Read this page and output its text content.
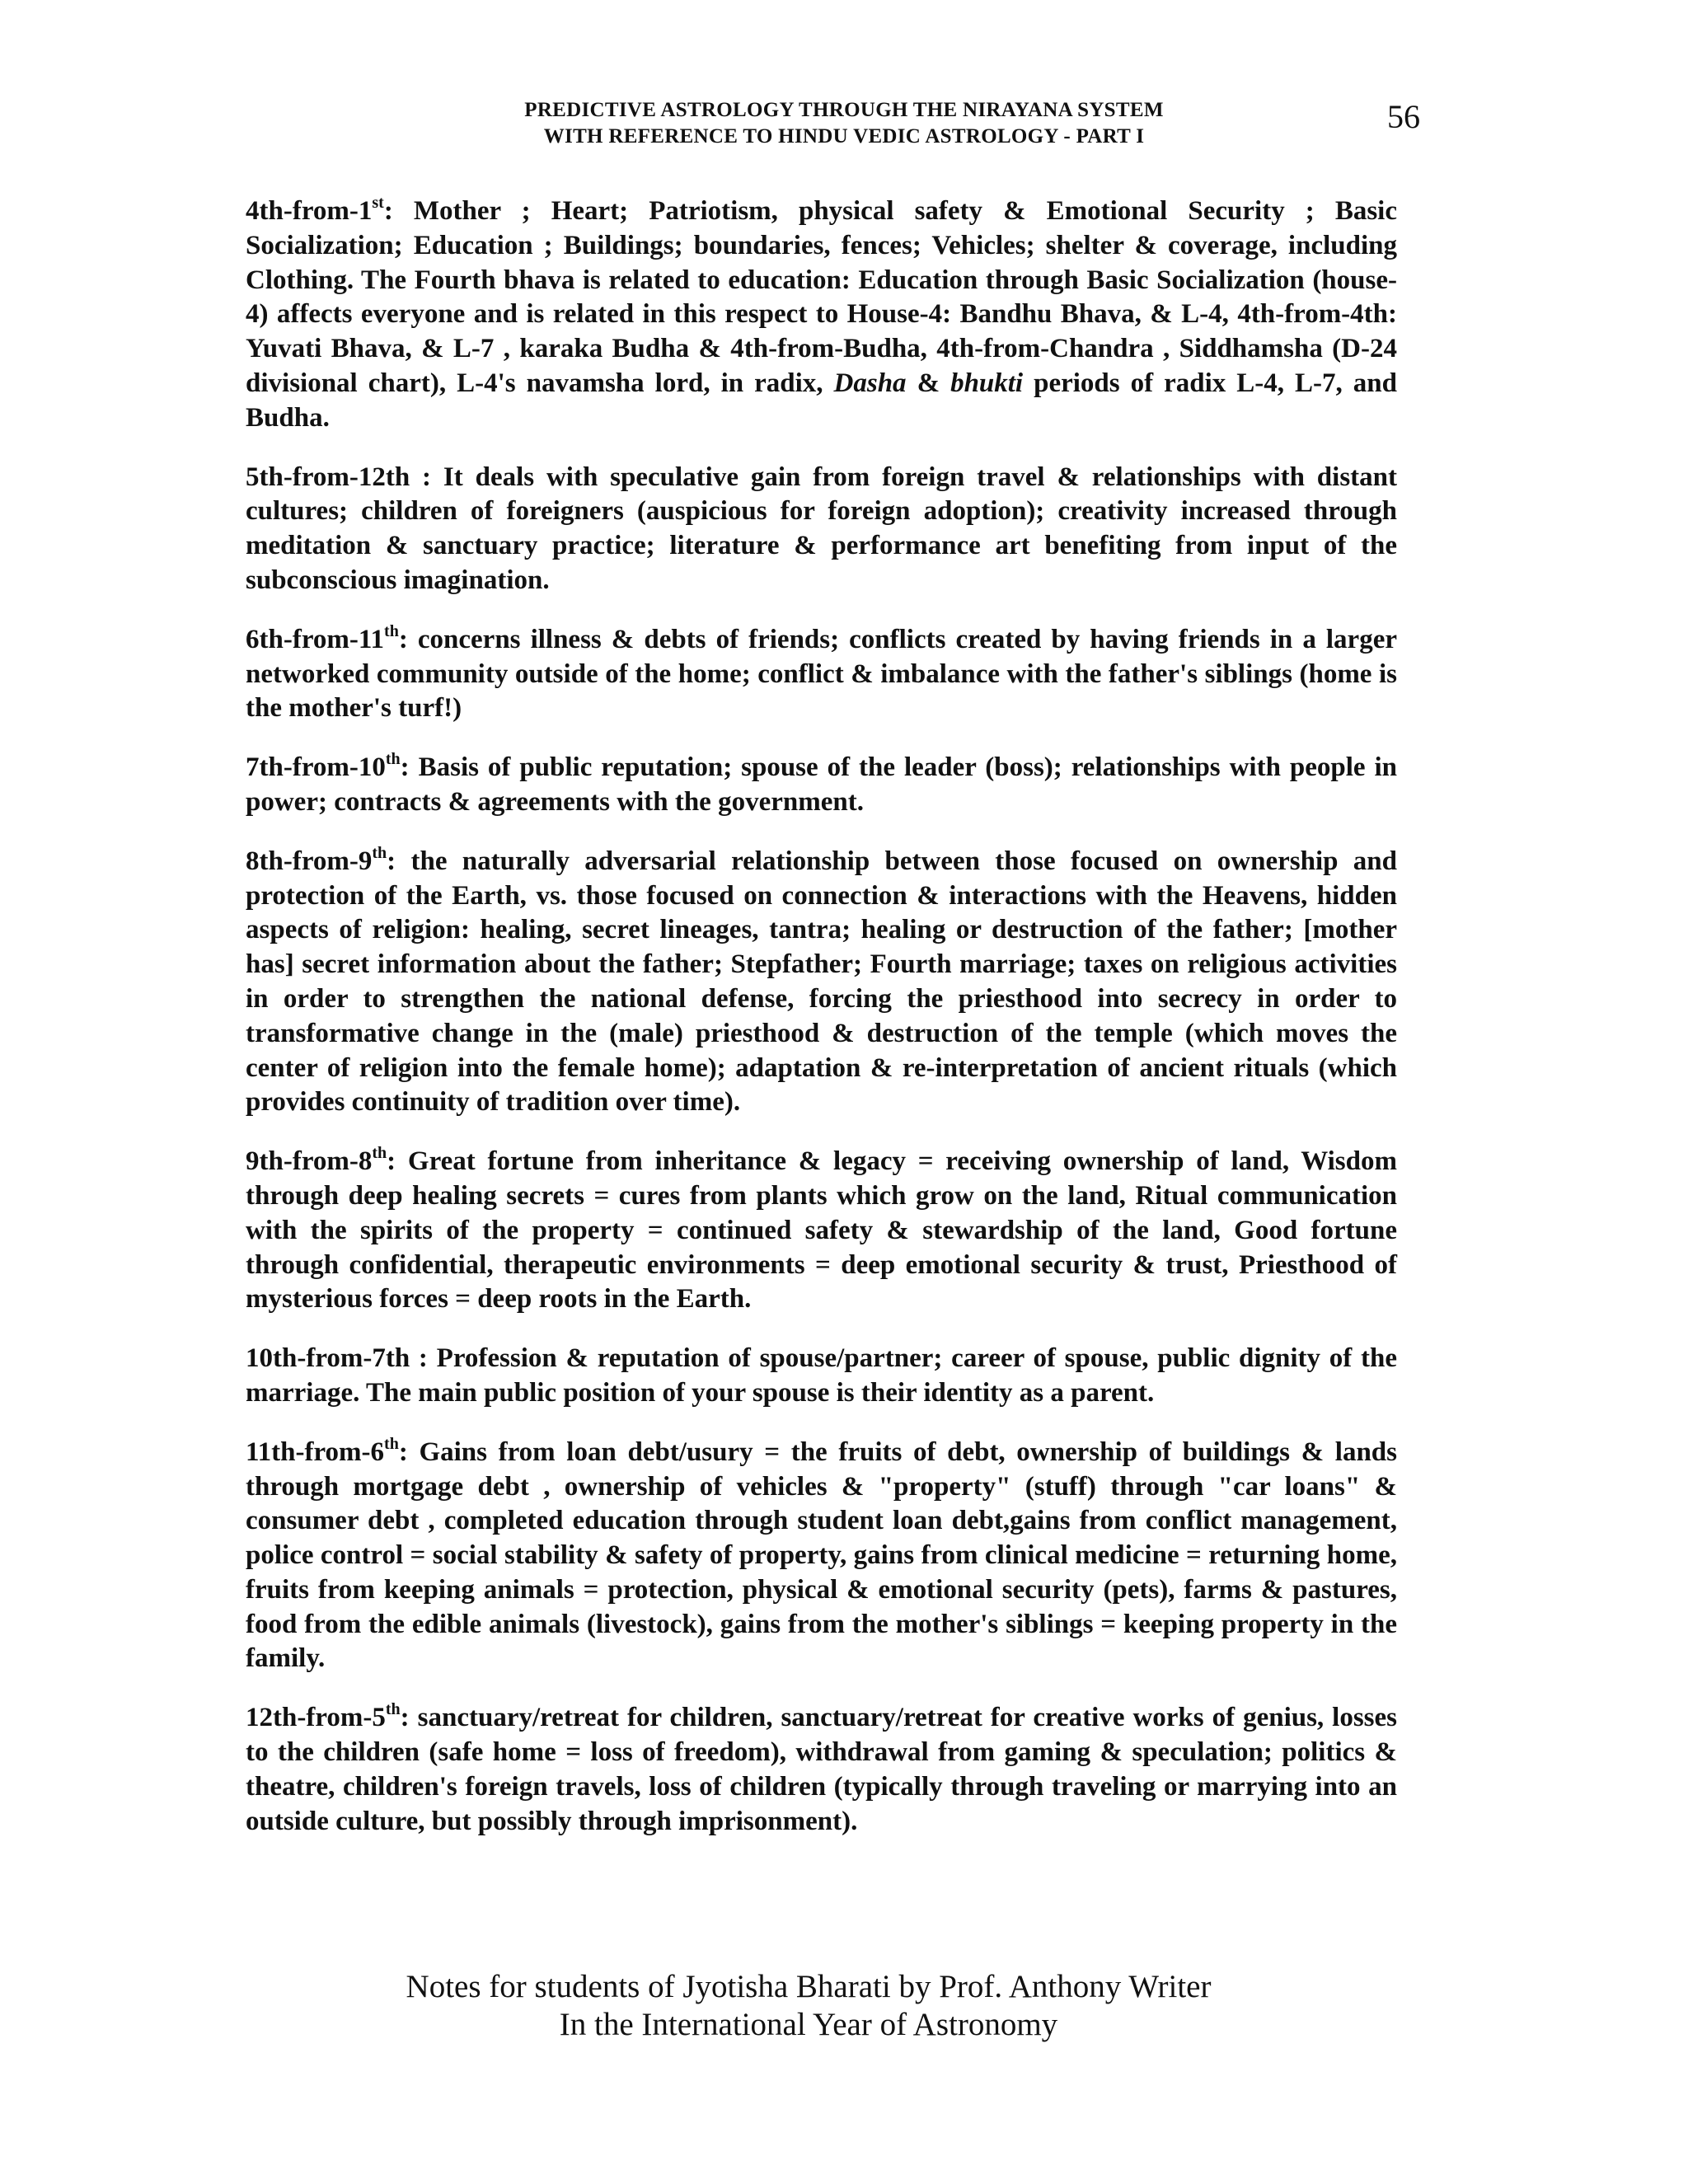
PREDICTIVE ASTROLOGY THROUGH THE NIRAYANA SYSTEM
WITH REFERENCE TO HINDU VEDIC ASTROLOGY - PART I
56

4th-from-1st: Mother ; Heart; Patriotism, physical safety & Emotional Security ; Basic Socialization; Education ; Buildings; boundaries, fences; Vehicles; shelter & coverage, including Clothing. The Fourth bhava is related to education: Education through Basic Socialization (house-4) affects everyone and is related in this respect to House-4: Bandhu Bhava, & L-4, 4th-from-4th: Yuvati Bhava, & L-7 , karaka Budha & 4th-from-Budha, 4th-from-Chandra , Siddhamsha (D-24 divisional chart), L-4's navamsha lord, in radix, Dasha & bhukti periods of radix L-4, L-7, and Budha.

5th-from-12th : It deals with speculative gain from foreign travel & relationships with distant cultures; children of foreigners (auspicious for foreign adoption); creativity increased through meditation & sanctuary practice; literature & performance art benefiting from input of the subconscious imagination.

6th-from-11th: concerns illness & debts of friends; conflicts created by having friends in a larger networked community outside of the home; conflict & imbalance with the father's siblings (home is the mother's turf!)

7th-from-10th: Basis of public reputation; spouse of the leader (boss); relationships with people in power; contracts & agreements with the government.

8th-from-9th: the naturally adversarial relationship between those focused on ownership and protection of the Earth, vs. those focused on connection & interactions with the Heavens, hidden aspects of religion: healing, secret lineages, tantra; healing or destruction of the father; [mother has] secret information about the father; Stepfather; Fourth marriage; taxes on religious activities in order to strengthen the national defense, forcing the priesthood into secrecy in order to transformative change in the (male) priesthood & destruction of the temple (which moves the center of religion into the female home); adaptation & re-interpretation of ancient rituals (which provides continuity of tradition over time).

9th-from-8th: Great fortune from inheritance & legacy = receiving ownership of land, Wisdom through deep healing secrets = cures from plants which grow on the land, Ritual communication with the spirits of the property = continued safety & stewardship of the land, Good fortune through confidential, therapeutic environments = deep emotional security & trust, Priesthood of mysterious forces = deep roots in the Earth.

10th-from-7th : Profession & reputation of spouse/partner; career of spouse, public dignity of the marriage. The main public position of your spouse is their identity as a parent.

11th-from-6th: Gains from loan debt/usury = the fruits of debt, ownership of buildings & lands through mortgage debt , ownership of vehicles & "property" (stuff) through "car loans" & consumer debt , completed education through student loan debt,gains from conflict management, police control = social stability & safety of property, gains from clinical medicine = returning home, fruits from keeping animals = protection, physical & emotional security (pets), farms & pastures, food from the edible animals (livestock), gains from the mother's siblings = keeping property in the family.

12th-from-5th: sanctuary/retreat for children, sanctuary/retreat for creative works of genius, losses to the children (safe home = loss of freedom), withdrawal from gaming & speculation; politics & theatre, children's foreign travels, loss of children (typically through traveling or marrying into an outside culture, but possibly through imprisonment).

Notes for students of Jyotisha Bharati by Prof. Anthony Writer
In the International Year of Astronomy
